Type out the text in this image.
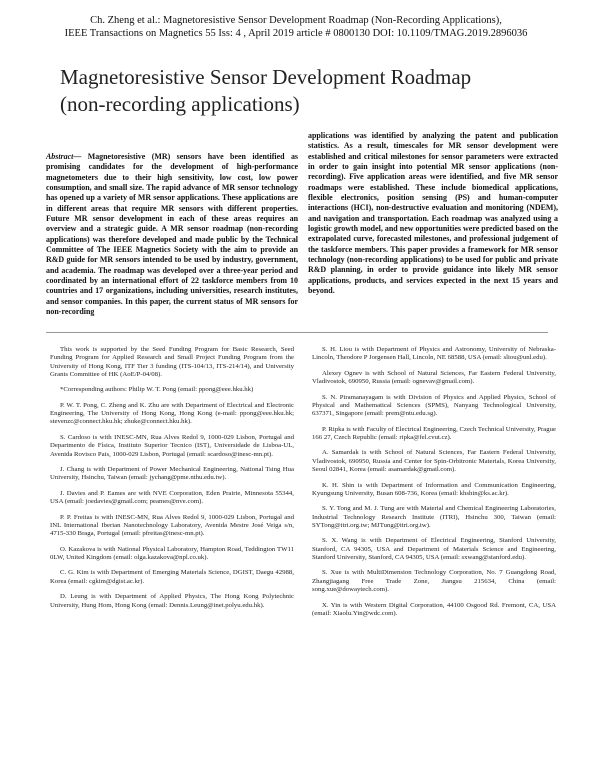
Ch. Zheng et al.: Magnetoresistive Sensor Development Roadmap (Non-Recording Applications),
IEEE Transactions on Magnetics 55 Iss: 4 , April 2019 article # 0800130 DOI: 10.1109/TMAG.2019.2896036
Magnetoresistive Sensor Development Roadmap
(non-recording applications)

Abstract— Magnetoresistive (MR) sensors have been identified as promising candidates for the development of high-performance magnetometers due to their high sensitivity, low cost, low power consumption, and small size. The rapid advance of MR sensor technology has opened up a variety of MR sensor applications. These applications are in different areas that require MR sensors with different properties. Future MR sensor development in each of these areas requires an overview and a strategic guide. A MR sensor roadmap (non-recording applications) was therefore developed and made public by the Technical Committee of The IEEE Magnetics Society with the aim to provide an R&D guide for MR sensors intended to be used by industry, government, and academia. The roadmap was developed over a three-year period and coordinated by an international effort of 22 taskforce members from 10 countries and 17 organizations, including universities, research institutes, and sensor companies. In this paper, the current status of MR sensors for non-recording

applications was identified by analyzing the patent and publication statistics. As a result, timescales for MR sensor development were established and critical milestones for sensor parameters were extracted in order to gain insight into potential MR sensor applications (non-recording). Five application areas were identified, and five MR sensor roadmaps were established. These include biomedical applications, flexible electronics, position sensing (PS) and human-computer interactions (HCI), non-destructive evaluation and monitoring (NDEM), and navigation and transportation. Each roadmap was analyzed using a logistic growth model, and new opportunities were predicted based on the extrapolated curve, forecasted milestones, and professional judgement of the taskforce members. This paper provides a framework for MR sensor technology (non-recording applications) to be used for public and private R&D planning, in order to provide guidance into likely MR sensor applications, products, and services expected in the next 15 years and beyond.

This work is supported by the Seed Funding Program for Basic Research, Seed Funding Program for Applied Research and Small Project Funding Program from the University of Hong Kong, ITF Tier 3 funding (ITS-104/13, ITS-214/14), and University Grants Committee of HK (AoE/P-04/08).

*Corresponding authors: Philip W. T. Pong (email: ppong@eee.hku.hk)

P. W. T. Pong, C. Zheng and K. Zhu are with Department of Electrical and Electronic Engineering, The University of Hong Kong, Hong Kong (e-mail: ppong@eee.hku.hk; stevenzc@connect.hku.hk; zhuke@connect.hku.hk).

S. Cardoso is with INESC-MN, Rua Alves Redol 9, 1000-029 Lisbon, Portugal and Departmento de Física, Instituto Superior Tecnico (IST), Universidade de Lisboa-UL, Avenida Rovisco Pais, 1000-029 Lisbon, Portugal (email: scardoso@inesc-mn.pt).

J. Chang is with Department of Power Mechanical Engineering, National Tsing Hua University, Hsinchu, Taiwan (email: jychang@pme.nthu.edu.tw).

J. Davies and P. Eames are with NVE Corporation, Eden Prairie, Minnesota 55344, USA (email: joedavies@gmail.com; peames@nve.com).

P. P. Freitas is with INESC-MN, Rua Alves Redol 9, 1000-029 Lisbon, Portugal and INL International Iberian Nanotechnology Laboratory, Avenida Mestre José Veiga s/n, 4715-330 Braga, Portugal (email: pfreitas@inesc-mn.pt).

O. Kazakova is with National Physical Laboratory, Hampton Road, Teddington TW11 0LW, United Kingdom (email: olga.kazakova@npl.co.uk).

C. G. Kim is with Department of Emerging Materials Science, DGIST, Daegu 42988, Korea (email: cgkim@dgist.ac.kr).

D. Leung is with Department of Applied Physics, The Hong Kong Polytechnic University, Hung Hom, Hong Kong (email: Dennis.Leung@inet.polyu.edu.hk).

S. H. Liou is with Department of Physics and Astronomy, University of Nebraska-Lincoln, Theodore P Jorgensen Hall, Lincoln, NE 68588, USA (email: sliou@unl.edu).

Alexey Ognev is with School of Natural Sciences, Far Eastern Federal University, Vladivostok, 690950, Russia (email: ognevav@gmail.com).

S. N. Piramanayagam is with Division of Physics and Applied Physics, School of Physical and Mathematical Sciences (SPMS), Nanyang Technological University, 637371, Singapore (email: prem@ntu.edu.sg).

P. Ripka is with Faculty of Electrical Engineering, Czech Technical University, Prague 166 27, Czech Republic (email: ripka@fel.cvut.cz).

A. Samardak is with School of Natural Sciences, Far Eastern Federal University, Vladivostok, 690950, Russia and Center for Spin-Orbitronic Materials, Korea University, Seoul 02841, Korea (email: asamardak@gmail.com).

K. H. Shin is with Department of Information and Communication Engineering, Kyungsung University, Busan 608-736, Korea (email: khshin@ks.ac.kr).

S. Y. Tong and M. J. Tung are with Material and Chemical Engineering Laboratories, Industrial Technology Research Institute (ITRI), Hsinchu 300, Taiwan (email: SYTong@itri.org.tw; MJTung@itri.org.tw).

S. X. Wang is with Department of Electrical Engineering, Stanford University, Stanford, CA 94305, USA and Department of Materials Science and Engineering, Stanford University, Stanford, CA 94305, USA (email: sxwang@stanford.edu).

S. Xue is with MultiDimension Technology Corporation, No. 7 Guangdong Road, Zhangjiagang Free Trade Zone, Jiangsu 215634, China (email: song.xue@dowaytech.com).

X. Yin is with Western Digital Corporation, 44100 Osgood Rd. Fremont, CA, USA (email: Xiaolu.Yin@wdc.com).
